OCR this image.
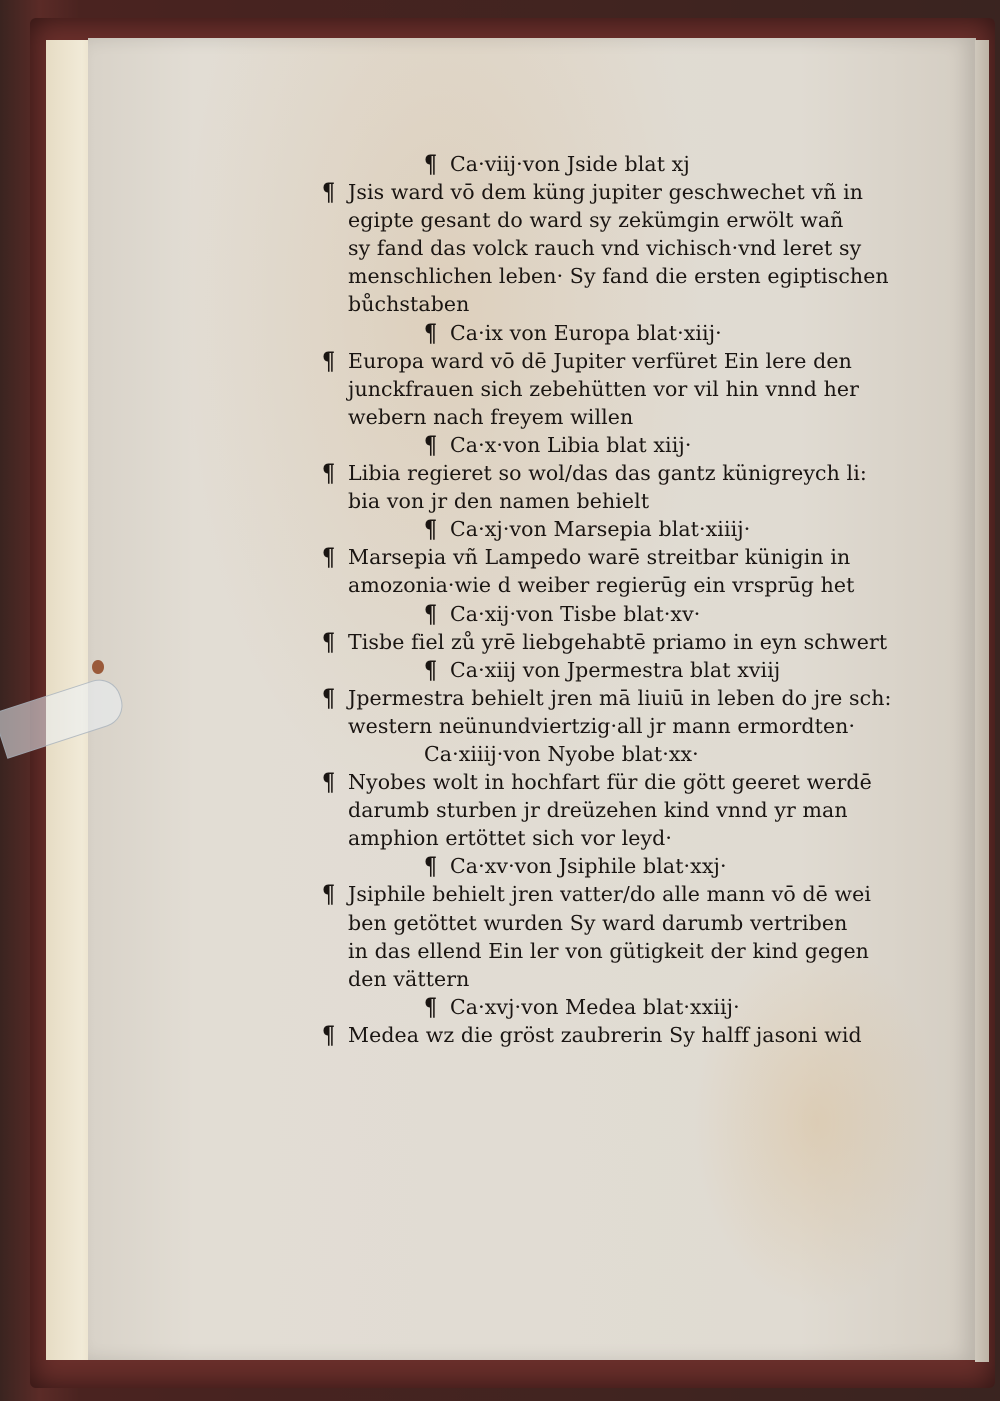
¶ Ca·viij·von Jside blat xj
¶ Jsis ward vō dem küng jupiter geschwechet vñ in
egipte gesant do ward sy zekümgin erwölt wañ
sy fand das volck rauch vnd vichisch·vnd leret sy
menschlichen leben· Sy fand die ersten egiptischen
bůchstaben
¶ Ca·ix von Europa blat·xiij·
¶ Europa ward vō dē Jupiter verfüret Ein lere den
junckfrauen sich zebehütten vor vil hin vnnd her
webern nach freyem willen
¶ Ca·x·von Libia blat xiij·
¶ Libia regieret so wol/das das gantz künigreych li:
bia von jr den namen behielt
¶ Ca·xj·von Marsepia blat·xiiij·
¶ Marsepia vñ Lampedo warē streitbar künigin in
amozonia·wie d weiber regierūg ein vrsprūg het
¶ Ca·xij·von Tisbe blat·xv·
¶ Tisbe fiel zů yrē liebgehabtē priamo in eyn schwert
¶ Ca·xiij von Jpermestra blat xviij
¶ Jpermestra behielt jren mā liuiū in leben do jre sch:
western neünundviertzig·all jr mann ermordten·
Ca·xiiij·von Nyobe blat·xx·
¶ Nyobes wolt in hochfart für die gött geeret werdē
darumb sturben jr dreüzehen kind vnnd yr man
amphion ertöttet sich vor leyd·
¶ Ca·xv·von Jsiphile blat·xxj·
¶ Jsiphile behielt jren vatter/do alle mann vō dē wei
ben getöttet wurden Sy ward darumb vertriben
in das ellend Ein ler von gütigkeit der kind gegen
den vättern
¶ Ca·xvj·von Medea blat·xxiij·
¶ Medea wz die gröst zaubrerin Sy halff jasoni wid
